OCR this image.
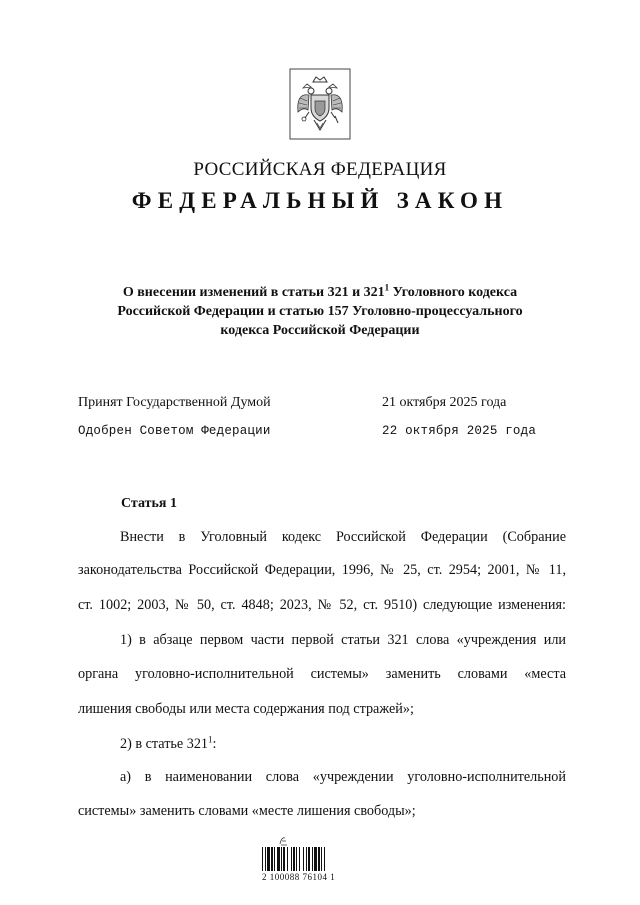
РОССИЙСКАЯ ФЕДЕРАЦИЯ
ФЕДЕРАЛЬНЫЙ ЗАКОН
О внесении изменений в статьи 321 и $321^1$ Уголовного кодекса
Российской Федерации и статью 157 Уголовно-процессуального
кодекса Российской Федерации
Принят Государственной Думой	21 октября 2025 года
Одобрен Советом Федерации	22 октября 2025 года
Статья 1
Внести в Уголовный кодекс Российской Федерации (Собрание
законодательства Российской Федерации, 1996, № 25, ст. 2954; 2001, № 11,
ст. 1002; 2003, № 50, ст. 4848; 2023, № 52, ст. 9510) следующие изменения:
1) в абзаце первом части первой статьи 321 слова «учреждения или
органа уголовно-исполнительной системы» заменить словами «места
лишения свободы или места содержания под стражей»;
2) в статье $321^1$:
а) в наименовании слова «учреждении уголовно-исполнительной
системы» заменить словами «месте лишения свободы»;
2 100088 76104 1
